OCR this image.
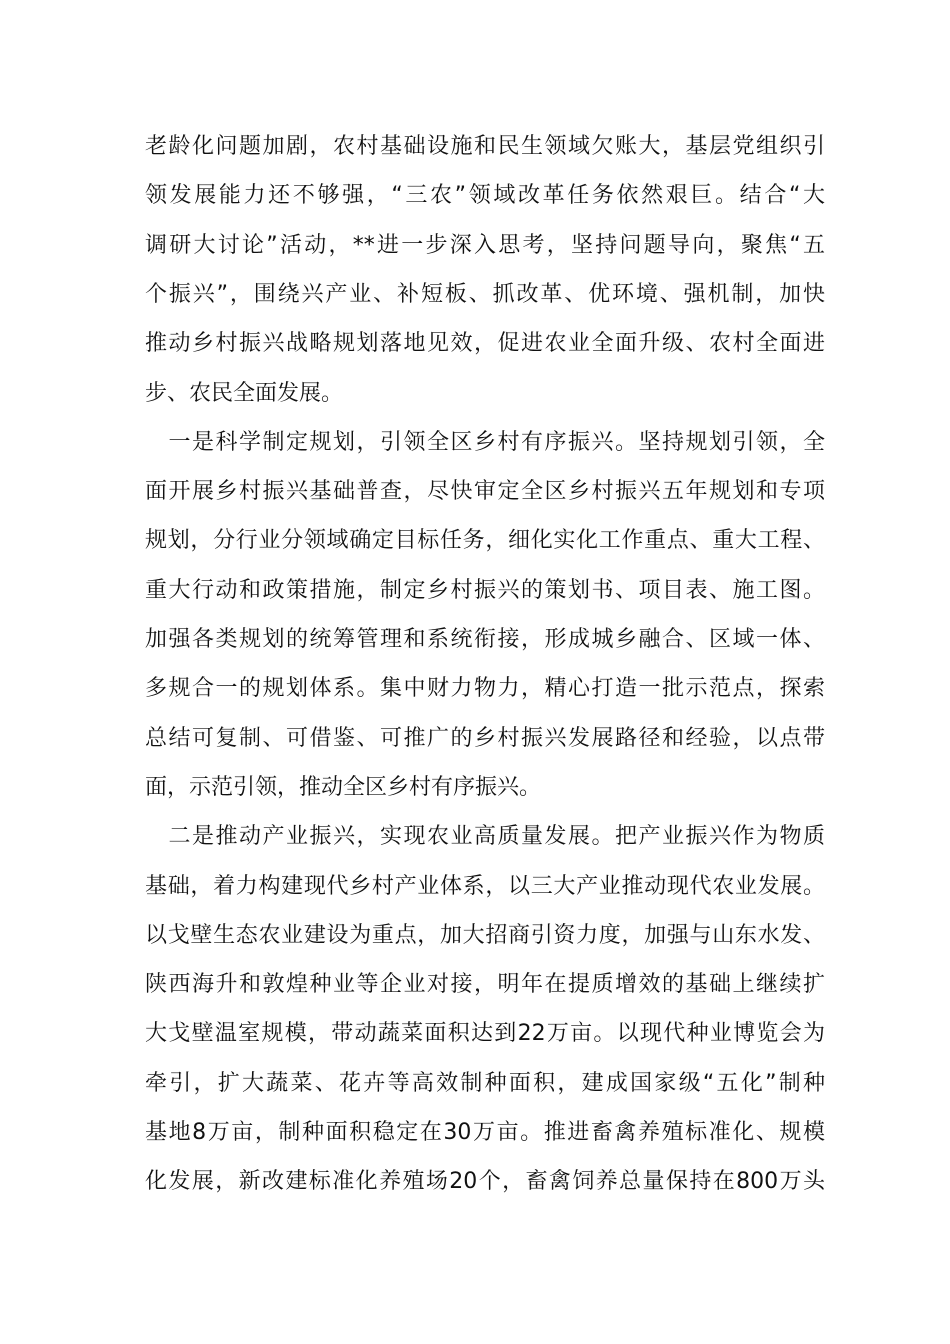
老龄化问题加剧，农村基础设施和民生领域欠账大，基层党组织引
领发展能力还不够强，“三农”领域改革任务依然艰巨。结合“大
调研大讨论”活动，**进一步深入思考，坚持问题导向，聚焦“五
个振兴”，围绕兴产业、补短板、抓改革、优环境、强机制，加快
推动乡村振兴战略规划落地见效，促进农业全面升级、农村全面进
步、农民全面发展。
　一是科学制定规划，引领全区乡村有序振兴。坚持规划引领，全
面开展乡村振兴基础普查，尽快审定全区乡村振兴五年规划和专项
规划，分行业分领域确定目标任务，细化实化工作重点、重大工程、
重大行动和政策措施，制定乡村振兴的策划书、项目表、施工图。
加强各类规划的统筹管理和系统衔接，形成城乡融合、区域一体、
多规合一的规划体系。集中财力物力，精心打造一批示范点，探索
总结可复制、可借鉴、可推广的乡村振兴发展路径和经验，以点带
面，示范引领，推动全区乡村有序振兴。
　二是推动产业振兴，实现农业高质量发展。把产业振兴作为物质
基础，着力构建现代乡村产业体系，以三大产业推动现代农业发展。
以戈壁生态农业建设为重点，加大招商引资力度，加强与山东水发、
陕西海升和敦煌种业等企业对接，明年在提质增效的基础上继续扩
大戈壁温室规模，带动蔬菜面积达到22万亩。以现代种业博览会为
牵引，扩大蔬菜、花卉等高效制种面积，建成国家级“五化”制种
基地8万亩，制种面积稳定在30万亩。推进畜禽养殖标准化、规模
化发展，新改建标准化养殖场20个，畜禽饲养总量保持在800万头
